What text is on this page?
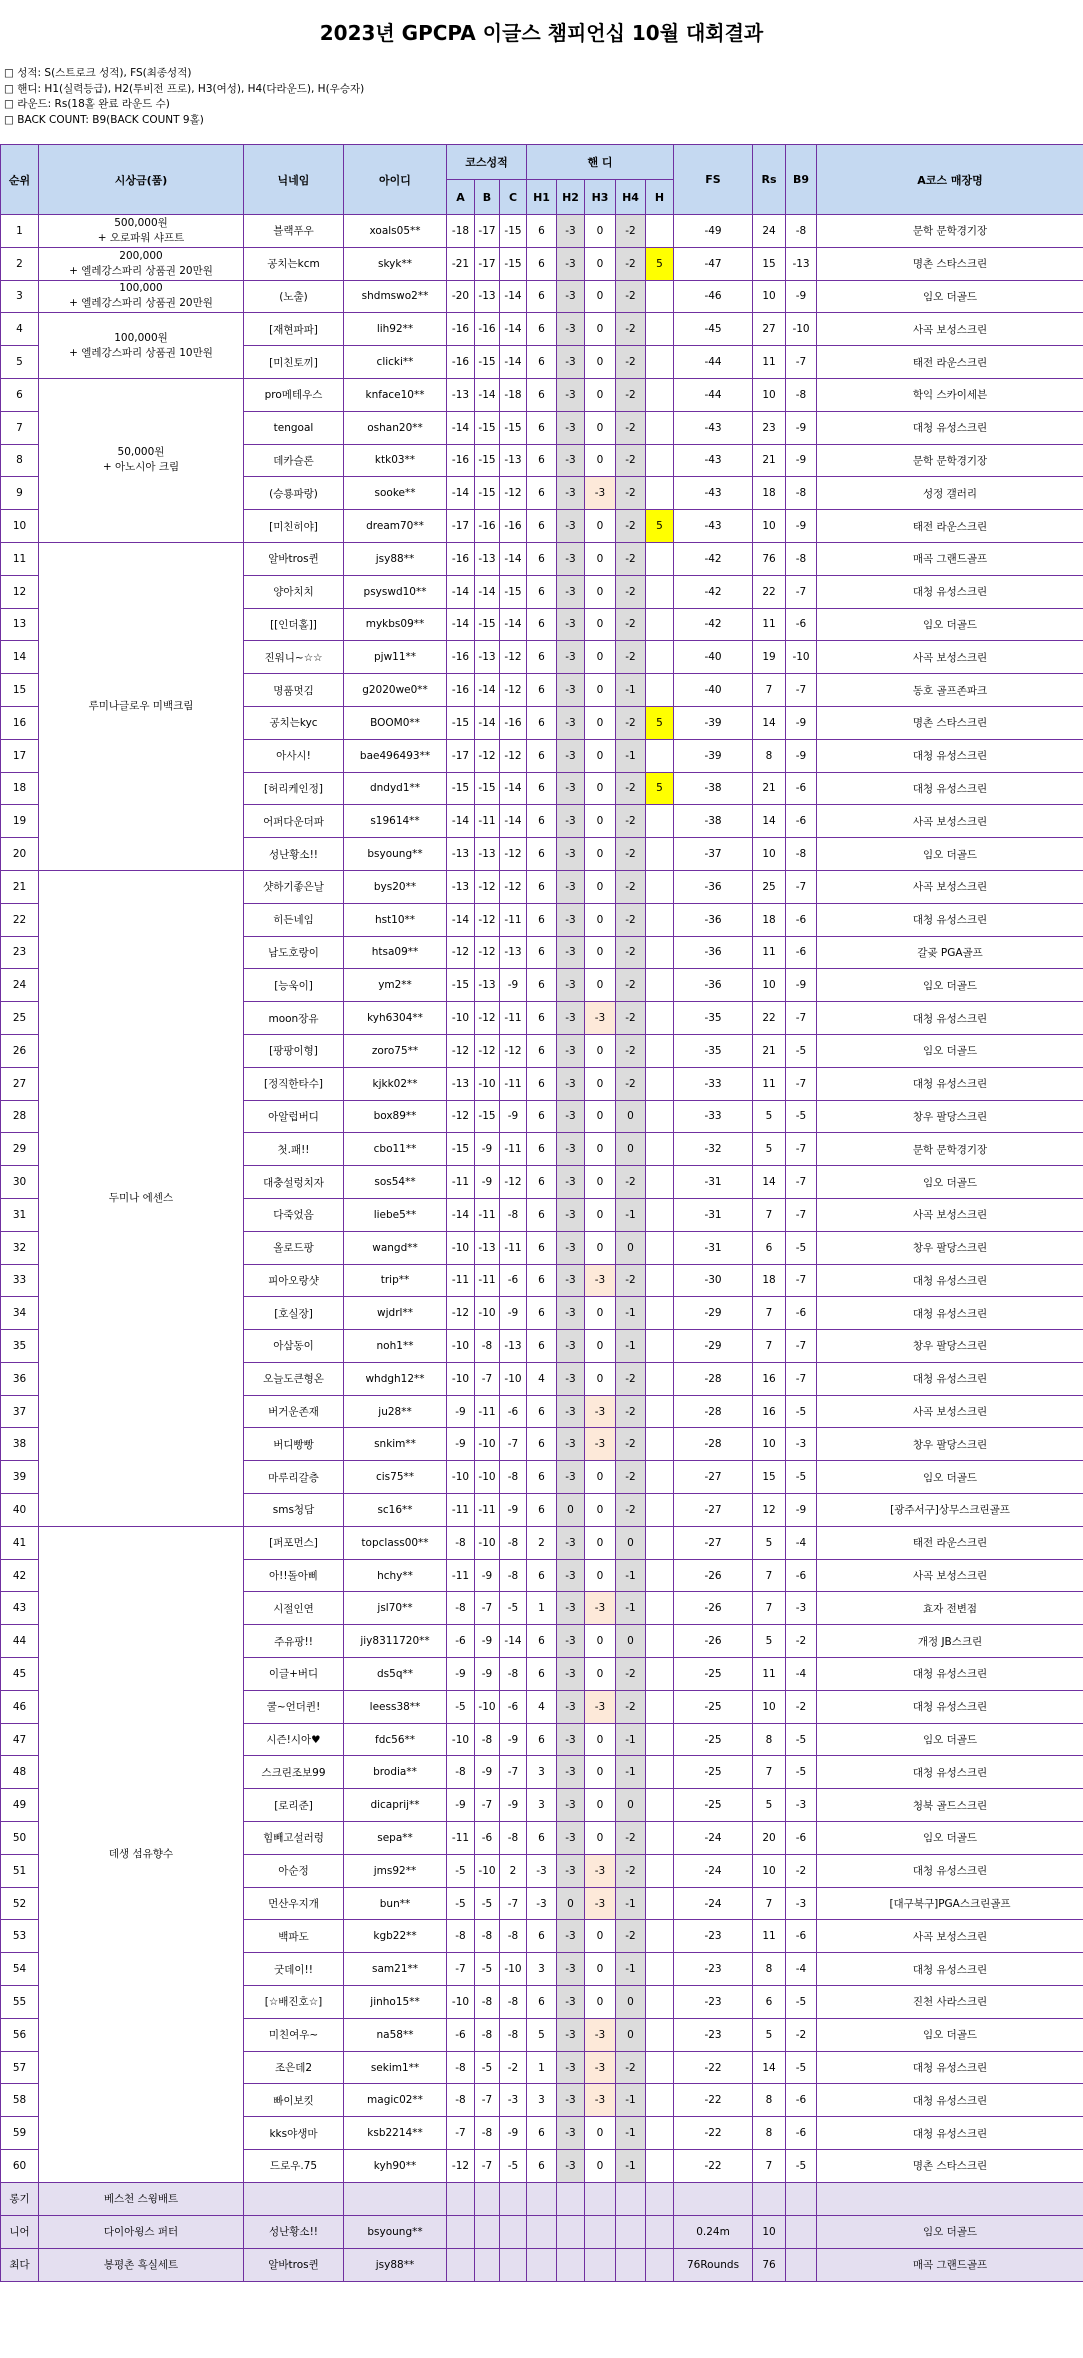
2023년 GPCPA 이글스 챔피언십 10월 대회결과
□ 성적: S(스트로크 성적), FS(최종성적)
□ 핸디: H1(실력등급), H2(투비전 프로), H3(여성), H4(다라운드), H(우승자)
□ 라운드: Rs(18홀 완료 라운드 수)
□ BACK COUNT: B9(BACK COUNT 9홀)
순위	시상금(품)	닉네임	아이디	코스성적			핸 디					FS	Rs	B9	A코스 매장명
				A	B	C	H1	H2	H3	H4	H				
1	500,000원
+ 오로파워 샤프트	블랙푸우	xoals05**	-18	-17	-15	6	-3	0	-2		-49	24	-8	문학 문학경기장
2	200,000
+ 엘레강스파리 상품권 20만원	공치는kcm	skyk**	-21	-17	-15	6	-3	0	-2	5	-47	15	-13	명촌 스타스크린
3	100,000
+ 엘레강스파리 상품권 20만원	(노출)	shdmswo2**	-20	-13	-14	6	-3	0	-2		-46	10	-9	임오 더골드
4	100,000원
+ 엘레강스파리 상품권 10만원	[재현파파]	lih92**	-16	-16	-14	6	-3	0	-2		-45	27	-10	사곡 보성스크린
5		[미친토끼]	clicki**	-16	-15	-14	6	-3	0	-2		-44	11	-7	태전 라운스크린
6	50,000원
+ 아노시아 크림	pro메테우스	knface10**	-13	-14	-18	6	-3	0	-2		-44	10	-8	학익 스카이세븐
7		tengoal	oshan20**	-14	-15	-15	6	-3	0	-2		-43	23	-9	대청 유성스크린
8		데카슬론	ktk03**	-16	-15	-13	6	-3	0	-2		-43	21	-9	문학 문학경기장
9		(승룡파랑)	sooke**	-14	-15	-12	6	-3	-3	-2		-43	18	-8	성정 갤러리
10		[미친히야]	dream70**	-17	-16	-16	6	-3	0	-2	5	-43	10	-9	태전 라운스크린
11	루미나글로우 미백크림	알바tros퀸	jsy88**	-16	-13	-14	6	-3	0	-2		-42	76	-8	매곡 그랜드골프
12		양아치치	psyswd10**	-14	-14	-15	6	-3	0	-2		-42	22	-7	대청 유성스크린
13		[[인더홀]]	mykbs09**	-14	-15	-14	6	-3	0	-2		-42	11	-6	임오 더골드
14		진워니~☆☆	pjw11**	-16	-13	-12	6	-3	0	-2		-40	19	-10	사곡 보성스크린
15		명품멋김	g2020we0**	-16	-14	-12	6	-3	0	-1		-40	7	-7	동호 골프존파크
16		공치는kyc	BOOM0**	-15	-14	-16	6	-3	0	-2	5	-39	14	-9	명촌 스타스크린
17		아사시!	bae496493**	-17	-12	-12	6	-3	0	-1		-39	8	-9	대청 유성스크린
18		[허리케인정]	dndyd1**	-15	-15	-14	6	-3	0	-2	5	-38	21	-6	대청 유성스크린
19		어퍼다운더파	s19614**	-14	-11	-14	6	-3	0	-2		-38	14	-6	사곡 보성스크린
20		성난황소!!	bsyoung**	-13	-13	-12	6	-3	0	-2		-37	10	-8	임오 더골드
21	두미나 에센스	샷하기좋은날	bys20**	-13	-12	-12	6	-3	0	-2		-36	25	-7	사곡 보성스크린
22		히든네임	hst10**	-14	-12	-11	6	-3	0	-2		-36	18	-6	대청 유성스크린
23		남도호랑이	htsa09**	-12	-12	-13	6	-3	0	-2		-36	11	-6	갈곶 PGA골프
24		[능욱이]	ym2**	-15	-13	-9	6	-3	0	-2		-36	10	-9	임오 더골드
25		moon장유	kyh6304**	-10	-12	-11	6	-3	-3	-2		-35	22	-7	대청 유성스크린
26		[팡팡이형]	zoro75**	-12	-12	-12	6	-3	0	-2		-35	21	-5	임오 더골드
27		[정직한타수]	kjkk02**	-13	-10	-11	6	-3	0	-2		-33	11	-7	대청 유성스크린
28		아알럽버디	box89**	-12	-15	-9	6	-3	0	0		-33	5	-5	창우 팔당스크린
29		첫.패!!	cbo11**	-15	-9	-11	6	-3	0	0		-32	5	-7	문학 문학경기장
30		대충설렁치자	sos54**	-11	-9	-12	6	-3	0	-2		-31	14	-7	임오 더골드
31		다죽었음	liebe5**	-14	-11	-8	6	-3	0	-1		-31	7	-7	사곡 보성스크린
32		올로드팡	wangd**	-10	-13	-11	6	-3	0	0		-31	6	-5	창우 팔당스크린
33		피아오랑샷	trip**	-11	-11	-6	6	-3	-3	-2		-30	18	-7	대청 유성스크린
34		[호실장]	wjdrl**	-12	-10	-9	6	-3	0	-1		-29	7	-6	대청 유성스크린
35		아삼동이	noh1**	-10	-8	-13	6	-3	0	-1		-29	7	-7	창우 팔당스크린
36		오늘도큰형온	whdgh12**	-10	-7	-10	4	-3	0	-2		-28	16	-7	대청 유성스크린
37		버거운존재	ju28**	-9	-11	-6	6	-3	-3	-2		-28	16	-5	사곡 보성스크린
38		버디빵빵	snkim**	-9	-10	-7	6	-3	-3	-2		-28	10	-3	창우 팔당스크린
39		마루리갈층	cis75**	-10	-10	-8	6	-3	0	-2		-27	15	-5	임오 더골드
40		sms청담	sc16**	-11	-11	-9	6	0	0	-2		-27	12	-9	[광주서구]상무스크린골프
41	데생 섬유향수	[퍼포먼스]	topclass00**	-8	-10	-8	2	-3	0	0		-27	5	-4	태전 라운스크린
42		아!!돌아삐	hchy**	-11	-9	-8	6	-3	0	-1		-26	7	-6	사곡 보성스크린
43		시절인연	jsl70**	-8	-7	-5	1	-3	-3	-1		-26	7	-3	효자 전변점
44		주유팡!!	jiy8311720**	-6	-9	-14	6	-3	0	0		-26	5	-2	개정 JB스크린
45		이글+버디	ds5q**	-9	-9	-8	6	-3	0	-2		-25	11	-4	대청 유성스크린
46		쿨~언더퀸!	leess38**	-5	-10	-6	4	-3	-3	-2		-25	10	-2	대청 유성스크린
47		시즌!시아♥	fdc56**	-10	-8	-9	6	-3	0	-1		-25	8	-5	임오 더골드
48		스크린조보99	brodia**	-8	-9	-7	3	-3	0	-1		-25	7	-5	대청 유성스크린
49		[로리준]	dicaprij**	-9	-7	-9	3	-3	0	0		-25	5	-3	청북 골드스크린
50		힘빼고설러렁	sepa**	-11	-6	-8	6	-3	0	-2		-24	20	-6	임오 더골드
51		아순정	jms92**	-5	-10	2	-3	-3	-3	-2		-24	10	-2	대청 유성스크린
52		먼산우지개	bun**	-5	-5	-7	-3	0	-3	-1		-24	7	-3	[대구북구]PGA스크린골프
53		백파도	kgb22**	-8	-8	-8	6	-3	0	-2		-23	11	-6	사곡 보성스크린
54		굿데이!!	sam21**	-7	-5	-10	3	-3	0	-1		-23	8	-4	대청 유성스크린
55		[☆배진호☆]	jinho15**	-10	-8	-8	6	-3	0	0		-23	6	-5	진천 사라스크린
56		미친여우~	na58**	-6	-8	-8	5	-3	-3	0		-23	5	-2	임오 더골드
57		조은데2	sekim1**	-8	-5	-2	1	-3	-3	-2		-22	14	-5	대청 유성스크린
58		빠이보킷	magic02**	-8	-7	-3	3	-3	-3	-1		-22	8	-6	대청 유성스크린
59		kks야생마	ksb2214**	-7	-8	-9	6	-3	0	-1		-22	8	-6	대청 유성스크린
60		드로우.75	kyh90**	-12	-7	-5	6	-3	0	-1		-22	7	-5	명촌 스타스크린
롱기	베스천 스윙배트														
니어	다이아윙스 퍼터	성난황소!!	bsyoung**									0.24m	10		임오 더골드
최다	봉평촌 흑실세트	알바tros퀸	jsy88**									76Rounds	76		매곡 그랜드골프
